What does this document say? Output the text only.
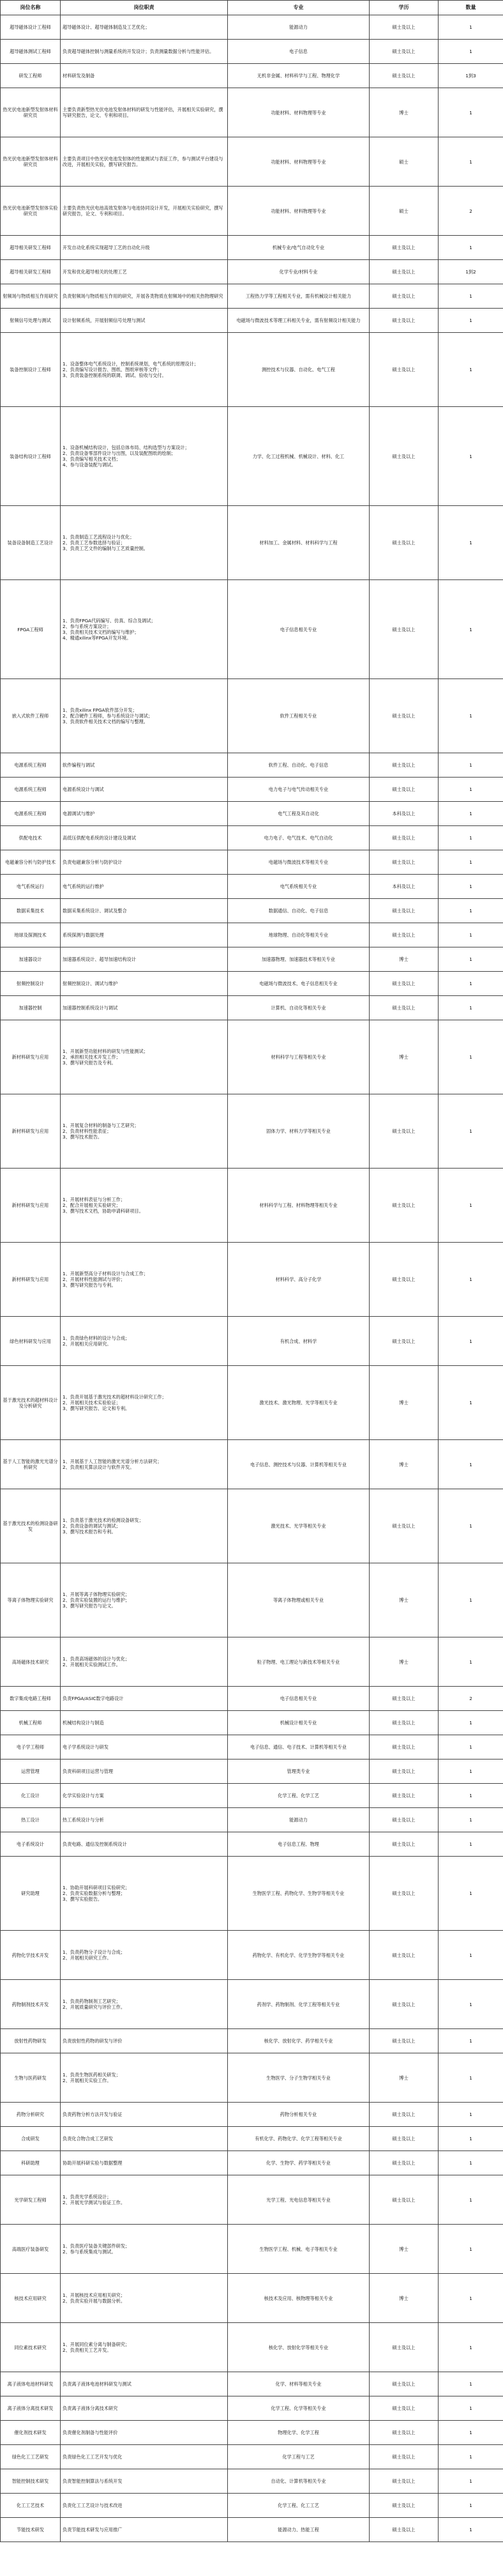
岗位名称	岗位职责	专业	学历	数量
超导磁体设计工程师	超导磁体设计、超导磁体制造及工艺优化；	能源动力	硕士及以上	1
超导磁体测试工程师	负责超导磁体控制与测量系统的开发设计；负责测量数据分析与性能评估。	电子信息	硕士及以上	1
研发工程师	材料研发及制备	无机非金属、材料科学与工程、物理化学	硕士及以上	1到3
热光伏电池新型发射体材料研究员	主要负责新型热光伏电池发射体材料的研发与性能评估，开展相关实验研究，撰写研究报告，论文、专利和项目。	功能材料、材料物理等专业	博士	1
热光伏电池新型发射体材料研究员	主要负责项目中热光伏电池发射体的性能测试与表征工作，参与测试平台建设与改进，开展相关实验，撰写研究报告。	功能材料、材料物理等专业	硕士	1
热光伏电池新型发射体实验研究员	主要负责热光伏电池高效发射体与电池协同设计开发，开展相关实验研究，撰写研究报告，论文、专利和项目。	功能材料、材料物理等专业	硕士	2
超导相关研发工程师	开发自动化系统实现超导工艺的自动化升级	机械专业/电气自动化专业	硕士及以上	1
超导相关研发工程师	开发和优化超导相关的处理工艺	化学专业/材料专业	硕士及以上	1到2
射频场与物质相互作用研究	负责射频场与物质相互作用的研究，开展各类物质在射频场中的相关热物理研究	工程热力学等工程相关专业，需有机械设计相关能力	硕士及以上	1
射频信号处理与测试	设计射频系统，开展射频信号处理与测试	电磁场与微波技术等理工科相关专业，需有射频设计相关能力	硕士及以上	1
装备控制设计工程师	1、设备整体电气系统设计，控制系统规划，电气系统的原理设计；
2、负责编写设计报告、图纸、图纸审核等文件；
3、负责装备控制系统的联调、调试、验收与交付。	测控技术与仪器、自动化、电气工程	硕士及以上	1
装备结构设计工程师	1、设备机械结构设计，包括总体布局、结构选型与方案设计；
2、负责设备零部件设计与出图，以及装配图纸的绘制；
3、负责编写相关技术文档；
4、参与设备装配与调试。	力学、化工过程机械、机械设计、材料、化工	硕士及以上	1
装备设备制造工艺设计	1、负责制造工艺流程设计与优化；
2、负责工艺参数选择与验证；
3、负责工艺文件的编制与工艺质量控制。	材料加工、金属材料、材料科学与工程	硕士及以上	1
FPGA工程师	1、负责FPGA代码编写、仿真、综合及调试；
2、参与系统方案设计；
3、负责相关技术文档的编写与维护；
4、精通xilinx等FPGA开发环境。	电子信息相关专业	硕士及以上	1
嵌入式软件工程师	1、负责xilinx FPGA软件部分开发；
2、配合硬件工程师，参与系统设计与调试；
3、负责软件相关技术文档的编写与整理。	软件工程相关专业	硕士及以上	1
电源系统工程师	软件编程与调试	软件工程、自动化、电子信息	硕士及以上	1
电源系统工程师	电源系统设计与调试	电力电子与电气传动相关专业	硕士及以上	1
电源系统工程师	电源调试与维护	电气工程及其自动化	本科及以上	1
供配电技术	高低压供配电系统的设计建设及调试	电力电子、电气技术、电气自动化	硕士及以上	1
电磁兼容分析与防护技术	负责电磁兼容分析与防护设计	电磁场与微波技术等相关专业	硕士及以上	1
电气系统运行	电气系统的运行维护	电气系统相关专业	本科及以上	1
数据采集技术	数据采集系统设计、调试及整合	数据通信、自动化、电子信息	硕士及以上	1
地球及探测技术	系统探测与数据处理	地球物理、自动化等相关专业	硕士及以上	1
加速器设计	加速器系统设计、超导加速结构设计	加速器物理、加速器技术等相关专业	博士	1
射频控制设计	射频控制设计、调试与维护	电磁场与微波技术、电子信息相关专业	硕士及以上	1
加速器控制	加速器控制系统设计与调试	计算机、自动化等相关专业	硕士及以上	1
新材料研发与应用	1、开展新型功能材料的研发与性能测试；
2、承担相关技术开发工作；
3、撰写研究报告及专利。	材料科学与工程等相关专业	博士	1
新材料研发与应用	1、开展复合材料的制备与工艺研究；
2、负责材料性能表征；
3、撰写技术报告。	固体力学、材料力学等相关专业	硕士及以上	1
新材料研发与应用	1、开展材料表征与分析工作；
2、配合开展相关实验研究；
3、撰写技术文档，协助申请科研项目。	材料科学与工程、材料物理等相关专业	硕士及以上	1
新材料研发与应用	1、开展新型高分子材料设计与合成工作；
2、开展材料性能测试与评价；
3、撰写研究报告与专利。	材料科学、高分子化学	硕士及以上	1
绿色材料研发与应用	1、负责绿色材料的设计与合成；
2、开展相关应用研究。	有机合成、材料学	硕士及以上	1
基于激光技术的超材料设计及分析研究	1、负责开展基于激光技术的超材料设计研究工作；
2、开展相关技术实验验证；
3、撰写研究报告、论文和专利。	激光技术、激光物理、光学等相关专业	博士	1
基于人工智能的激光光谱分析研究	1、开展基于人工智能的激光光谱分析方法研究；
2、负责相关算法设计与软件开发。	电子信息、测控技术与仪器、计算机等相关专业	博士	1
基于激光技术的检测设备研发	1、负责基于激光技术的检测设备研发；
2、负责设备的调试与测试；
3、撰写技术报告和专利。	激光技术、光学等相关专业	硕士及以上	1
等离子体物理实验研究	1、开展等离子体物理实验研究；
2、负责实验装置的运行与维护；
3、撰写研究报告与论文。	等离子体物理或相关专业	博士	1
高场磁体技术研究	1、负责高场磁体的设计与优化；
2、开展相关实验测试工作。	粒子物理、电工理论与新技术等相关专业	博士	1
数字集成电路工程师	负责FPGA/ASIC数字电路设计	电子信息相关专业	硕士及以上	2
机械工程师	机械结构设计与制造	机械设计相关专业	硕士及以上	1
电子学工程师	电子学系统设计与研发	电子信息、通信、电子技术、计算机等相关专业	硕士及以上	1
运营管理	负责科研项目运营与管理	管理类专业	硕士及以上	1
化工设计	化学实验设计与方案	化学工程、化学工艺	硕士及以上	1
热工设计	热工系统设计与分析	能源动力	硕士及以上	1
电子系统设计	负责电路、通信及控制系统设计	电子信息工程、物理	硕士及以上	1
研究助理	1、协助开展科研项目实验研究；
2、负责实验数据分析与整理；
3、撰写实验报告。	生物医学工程、药物化学、生物学等相关专业	硕士及以上	1
药物化学技术开发	1、负责药物分子设计与合成；
2、开展相关研究工作。	药物化学、有机化学、化学生物学等相关专业	硕士及以上	1
药物制剂技术开发	1、负责药物制剂工艺研究；
2、开展质量研究与评价工作。	药剂学、药物制剂、化学工程等相关专业	硕士及以上	1
放射性药物研发	负责放射性药物的研发与评价	核化学、放射化学、药学相关专业	硕士及以上	1
生物与医药研发	1、负责生物医药相关研发；
2、开展相关实验工作。	生物医学、分子生物学相关专业	博士	1
药物分析研究	负责药物分析方法开发与验证	药物分析相关专业	硕士及以上	1
合成研发	负责化合物合成工艺研发	有机化学、药物化学、化学工程等相关专业	硕士及以上	1
科研助理	协助开展科研实验与数据整理	化学、生物学、药学等相关专业	硕士及以上	1
光学研发工程师	1、负责光学系统设计；
2、开展光学测试与验证工作。	光学工程、光电信息等相关专业	硕士及以上	1
高端医疗装备研发	1、负责医疗装备关键部件研发；
2、参与系统集成与测试。	生物医学工程、机械、电子等相关专业	博士	1
核技术应用研究	1、开展核技术应用相关研究；
2、负责实验开展与数据分析。	核技术及应用、核物理等相关专业	博士	1
同位素技术研究	1、开展同位素分离与制备研究；
2、负责相关工艺开发。	核化学、放射化学等相关专业	硕士及以上	1
离子液体电池材料研发	负责离子液体电池材料研发与测试	化学、材料等相关专业	硕士及以上	1
离子液体分离技术研发	负责离子液体分离技术研究	化学工程、化学等相关专业	硕士及以上	1
催化剂技术研发	负责催化剂制备与性能评价	物理化学、化学工程	硕士及以上	1
绿色化工工艺研发	负责绿色化工工艺开发与优化	化学工程与工艺	硕士及以上	1
智能控制技术研发	负责智能控制算法与系统开发	自动化、计算机等相关专业	硕士及以上	1
化工工艺技术	负责化工工艺设计与技术改进	化学工程、化工工艺	硕士及以上	1
节能技术研发	负责节能技术研发与应用推广	能源动力、热能工程	硕士及以上	1
